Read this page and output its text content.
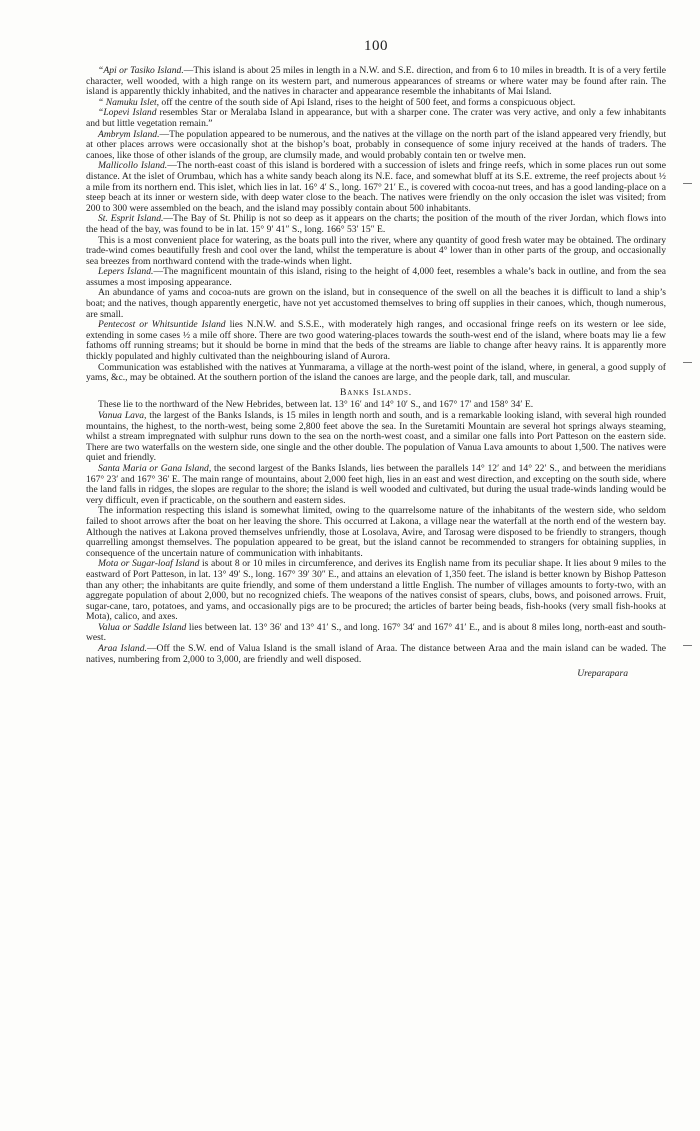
100

“Api or Tasiko Island.—This island is about 25 miles in length in a N.W. and S.E. direction, and from 6 to 10 miles in breadth. It is of a very fertile character, well wooded, with a high range on its western part, and numerous appearances of streams or where water may be found after rain. The island is apparently thickly inhabited, and the natives in character and appearance resemble the inhabitants of Mai Island.

“ Namuku Islet, off the centre of the south side of Api Island, rises to the height of 500 feet, and forms a conspicuous object.

“Lopevi Island resembles Star or Meralaba Island in appearance, but with a sharper cone. The crater was very active, and only a few inhabitants and but little vegetation remain.”

Ambrym Island.—The population appeared to be numerous, and the natives at the village on the north part of the island appeared very friendly, but at other places arrows were occasionally shot at the bishop’s boat, probably in consequence of some injury received at the hands of traders. The canoes, like those of other islands of the group, are clumsily made, and would probably contain ten or twelve men.

Mallicollo Island.—The north-east coast of this island is bordered with a succession of islets and fringe reefs, which in some places run out some distance. At the islet of Orumbau, which has a white sandy beach along its N.E. face, and somewhat bluff at its S.E. extreme, the reef projects about ½ a mile from its northern end. This islet, which lies in lat. 16° 4′ S., long. 167° 21′ E., is covered with cocoa-nut trees, and has a good landing-place on a steep beach at its inner or western side, with deep water close to the beach. The natives were friendly on the only occasion the islet was visited; from 200 to 300 were assembled on the beach, and the island may possibly contain about 500 inhabitants.

St. Esprit Island.—The Bay of St. Philip is not so deep as it appears on the charts; the position of the mouth of the river Jordan, which flows into the head of the bay, was found to be in lat. 15° 9′ 41″ S., long. 166° 53′ 15″ E.

This is a most convenient place for watering, as the boats pull into the river, where any quantity of good fresh water may be obtained. The ordinary trade-wind comes beautifully fresh and cool over the land, whilst the temperature is about 4° lower than in other parts of the group, and occasionally sea breezes from northward contend with the trade-winds when light.

Lepers Island.—The magnificent mountain of this island, rising to the height of 4,000 feet, resembles a whale’s back in outline, and from the sea assumes a most imposing appearance.

An abundance of yams and cocoa-nuts are grown on the island, but in consequence of the swell on all the beaches it is difficult to land a ship’s boat; and the natives, though apparently energetic, have not yet accustomed themselves to bring off supplies in their canoes, which, though numerous, are small.

Pentecost or Whitsuntide Island lies N.N.W. and S.S.E., with moderately high ranges, and occasional fringe reefs on its western or lee side, extending in some cases ½ a mile off shore. There are two good watering-places towards the south-west end of the island, where boats may lie a few fathoms off running streams; but it should be borne in mind that the beds of the streams are liable to change after heavy rains. It is apparently more thickly populated and highly cultivated than the neighbouring island of Aurora.

Communication was established with the natives at Yunmarama, a village at the north-west point of the island, where, in general, a good supply of yams, &c., may be obtained. At the southern portion of the island the canoes are large, and the people dark, tall, and muscular.

Banks Islands.

These lie to the northward of the New Hebrides, between lat. 13° 16′ and 14° 10′ S., and 167° 17′ and 158° 34′ E.

Vanua Lava, the largest of the Banks Islands, is 15 miles in length north and south, and is a remarkable looking island, with several high rounded mountains, the highest, to the north-west, being some 2,800 feet above the sea. In the Suretamiti Mountain are several hot springs always steaming, whilst a stream impregnated with sulphur runs down to the sea on the north-west coast, and a similar one falls into Port Patteson on the eastern side. There are two waterfalls on the western side, one single and the other double. The population of Vanua Lava amounts to about 1,500. The natives were quiet and friendly.

Santa Maria or Gana Island, the second largest of the Banks Islands, lies between the parallels 14° 12′ and 14° 22′ S., and between the meridians 167° 23′ and 167° 36′ E. The main range of mountains, about 2,000 feet high, lies in an east and west direction, and excepting on the south side, where the land falls in ridges, the slopes are regular to the shore; the island is well wooded and cultivated, but during the usual trade-winds landing would be very difficult, even if practicable, on the southern and eastern sides.

The information respecting this island is somewhat limited, owing to the quarrelsome nature of the inhabitants of the western side, who seldom failed to shoot arrows after the boat on her leaving the shore. This occurred at Lakona, a village near the waterfall at the north end of the western bay. Although the natives at Lakona proved themselves unfriendly, those at Losolava, Avire, and Tarosag were disposed to be friendly to strangers, though quarrelling amongst themselves. The population appeared to be great, but the island cannot be recommended to strangers for obtaining supplies, in consequence of the uncertain nature of communication with inhabitants.

Mota or Sugar-loaf Island is about 8 or 10 miles in circumference, and derives its English name from its peculiar shape. It lies about 9 miles to the eastward of Port Patteson, in lat. 13° 49′ S., long. 167° 39′ 30″ E., and attains an elevation of 1,350 feet. The island is better known by Bishop Patteson than any other; the inhabitants are quite friendly, and some of them understand a little English. The number of villages amounts to forty-two, with an aggregate population of about 2,000, but no recognized chiefs. The weapons of the natives consist of spears, clubs, bows, and poisoned arrows. Fruit, sugar-cane, taro, potatoes, and yams, and occasionally pigs are to be procured; the articles of barter being beads, fish-hooks (very small fish-hooks at Mota), calico, and axes.

Valua or Saddle Island lies between lat. 13° 36′ and 13° 41′ S., and long. 167° 34′ and 167° 41′ E., and is about 8 miles long, north-east and south-west.

Araa Island.—Off the S.W. end of Valua Island is the small island of Araa. The distance between Araa and the main island can be waded. The natives, numbering from 2,000 to 3,000, are friendly and well disposed.

Ureparapara
